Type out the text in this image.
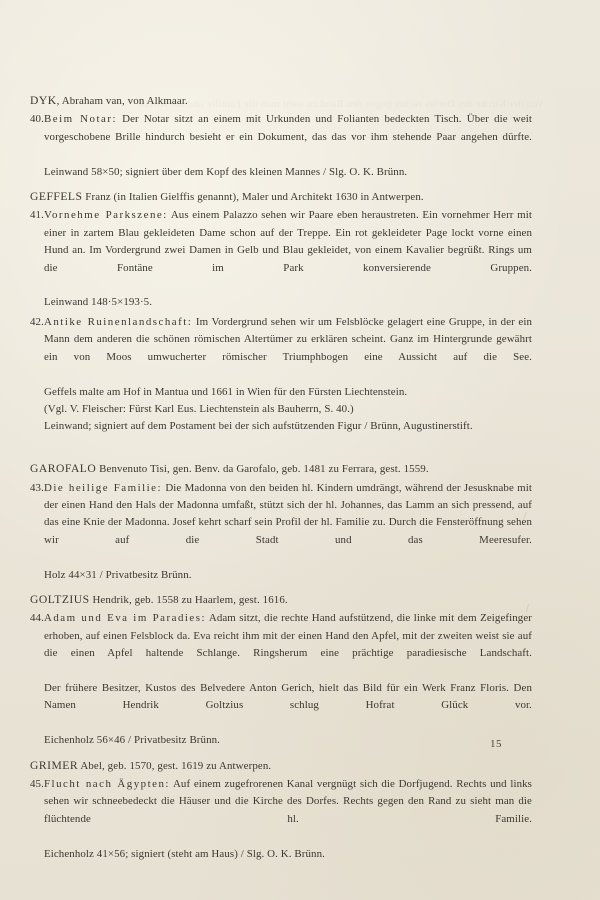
DYK, Abraham van, von Alkmaar.
40. Beim Notar: Der Notar sitzt an einem mit Urkunden und Folianten bedeckten Tisch. Über die weit vorgeschobene Brille hindurch besieht er ein Dokument, das das vor ihm stehende Paar angehen dürfte.

Leinwand 58×50; signiert über dem Kopf des kleinen Mannes / Slg. O. K. Brünn.

GEFFELS Franz (in Italien Gielffis genannt), Maler und Architekt 1630 in Antwerpen.
41. Vornehme Parkszene: Aus einem Palazzo sehen wir Paare eben heraustreten. Ein vornehmer Herr mit einer in zartem Blau gekleideten Dame schon auf der Treppe. Ein rot gekleideter Page lockt vorne einen Hund an. Im Vordergrund zwei Damen in Gelb und Blau gekleidet, von einem Kavalier begrüßt. Rings um die Fontäne im Park konversierende Gruppen.

Leinwand 148·5×193·5.

42. Antike Ruinenlandschaft: Im Vordergrund sehen wir um Felsblöcke gelagert eine Gruppe, in der ein Mann dem anderen die schönen römischen Altertümer zu erklären scheint. Ganz im Hintergrunde gewährt ein von Moos umwucherter römischer Triumphbogen eine Aussicht auf die See.

Geffels malte am Hof in Mantua und 1661 in Wien für den Fürsten Liechtenstein.

(Vgl. V. Fleischer: Fürst Karl Eus. Liechtenstein als Bauherrn, S. 40.)

Leinwand; signiert auf dem Postament bei der sich aufstützenden Figur / Brünn, Augustinerstift.

GAROFALO Benvenuto Tisi, gen. Benv. da Garofalo, geb. 1481 zu Ferrara, gest. 1559.
43. Die heilige Familie: Die Madonna von den beiden hl. Kindern umdrängt, während der Jesusknabe mit der einen Hand den Hals der Madonna umfaßt, stützt sich der hl. Johannes, das Lamm an sich pressend, auf das eine Knie der Madonna. Josef kehrt scharf sein Profil der hl. Familie zu. Durch die Fensteröffnung sehen wir auf die Stadt und das Meeresufer.

Holz 44×31 / Privatbesitz Brünn.

GOLTZIUS Hendrik, geb. 1558 zu Haarlem, gest. 1616.
44. Adam und Eva im Paradies: Adam sitzt, die rechte Hand aufstützend, die linke mit dem Zeigefinger erhoben, auf einen Felsblock da. Eva reicht ihm mit der einen Hand den Apfel, mit der zweiten weist sie auf die einen Apfel haltende Schlange. Ringsherum eine prächtige paradiesische Landschaft.

Der frühere Besitzer, Kustos des Belvedere Anton Gerich, hielt das Bild für ein Werk Franz Floris. Den Namen Hendrik Goltzius schlug Hofrat Glück vor.

Eichenholz 56×46 / Privatbesitz Brünn.

GRIMER Abel, geb. 1570, gest. 1619 zu Antwerpen.
45. Flucht nach Ägypten: Auf einem zugefrorenen Kanal vergnügt sich die Dorfjugend. Rechts und links sehen wir schneebedeckt die Häuser und die Kirche des Dorfes. Rechts gegen den Rand zu sieht man die flüchtende hl. Familie.

Eichenholz 41×56; signiert (steht am Haus) / Slg. O. K. Brünn.

15
